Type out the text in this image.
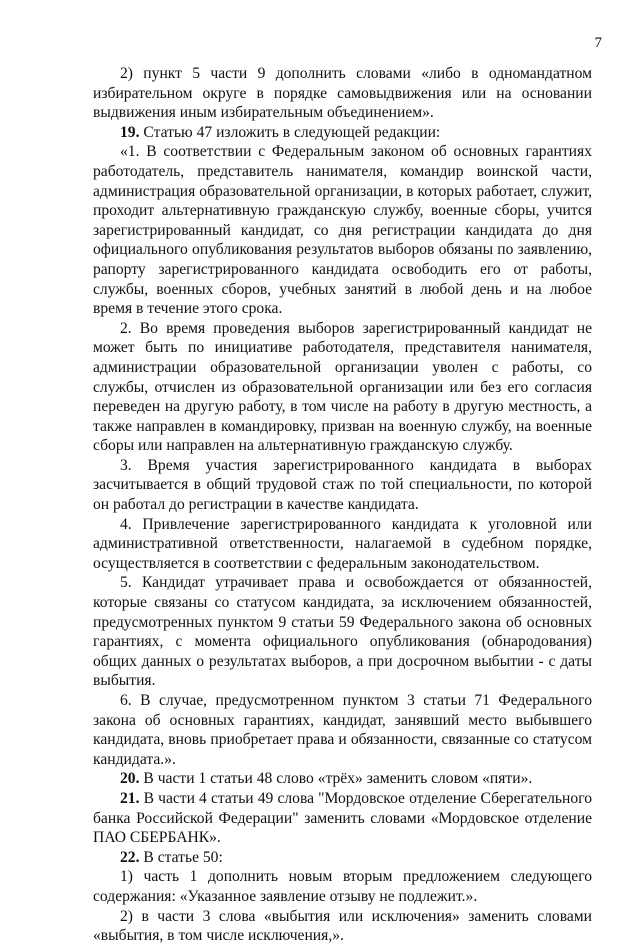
7

2) пункт 5 части 9 дополнить словами «либо в одномандатном избирательном округе в порядке самовыдвижения или на основании выдвижения иным избирательным объединением».

19. Статью 47 изложить в следующей редакции:

«1. В соответствии с Федеральным законом об основных гарантиях работодатель, представитель нанимателя, командир воинской части, администрация образовательной организации, в которых работает, служит, проходит альтернативную гражданскую службу, военные сборы, учится зарегистрированный кандидат, со дня регистрации кандидата до дня официального опубликования результатов выборов обязаны по заявлению, рапорту зарегистрированного кандидата освободить его от работы, службы, военных сборов, учебных занятий в любой день и на любое время в течение этого срока.

2. Во время проведения выборов зарегистрированный кандидат не может быть по инициативе работодателя, представителя нанимателя, администрации образовательной организации уволен с работы, со службы, отчислен из образовательной организации или без его согласия переведен на другую работу, в том числе на работу в другую местность, а также направлен в командировку, призван на военную службу, на военные сборы или направлен на альтернативную гражданскую службу.

3. Время участия зарегистрированного кандидата в выборах засчитывается в общий трудовой стаж по той специальности, по которой он работал до регистрации в качестве кандидата.

4. Привлечение зарегистрированного кандидата к уголовной или административной ответственности, налагаемой в судебном порядке, осуществляется в соответствии с федеральным законодательством.

5. Кандидат утрачивает права и освобождается от обязанностей, которые связаны со статусом кандидата, за исключением обязанностей, предусмотренных пунктом 9 статьи 59 Федерального закона об основных гарантиях, с момента официального опубликования (обнародования) общих данных о результатах выборов, а при досрочном выбытии - с даты выбытия.

6. В случае, предусмотренном пунктом 3 статьи 71 Федерального закона об основных гарантиях, кандидат, занявший место выбывшего кандидата, вновь приобретает права и обязанности, связанные со статусом кандидата.».

20. В части 1 статьи 48 слово «трёх» заменить словом «пяти».

21. В части 4 статьи 49 слова "Мордовское отделение Сберегательного банка Российской Федерации" заменить словами «Мордовское отделение ПАО СБЕРБАНК».

22. В статье 50:

1) часть 1 дополнить новым вторым предложением следующего содержания: «Указанное заявление отзыву не подлежит.».

2) в части 3 слова «выбытия или исключения» заменить словами «выбытия, в том числе исключения,».
